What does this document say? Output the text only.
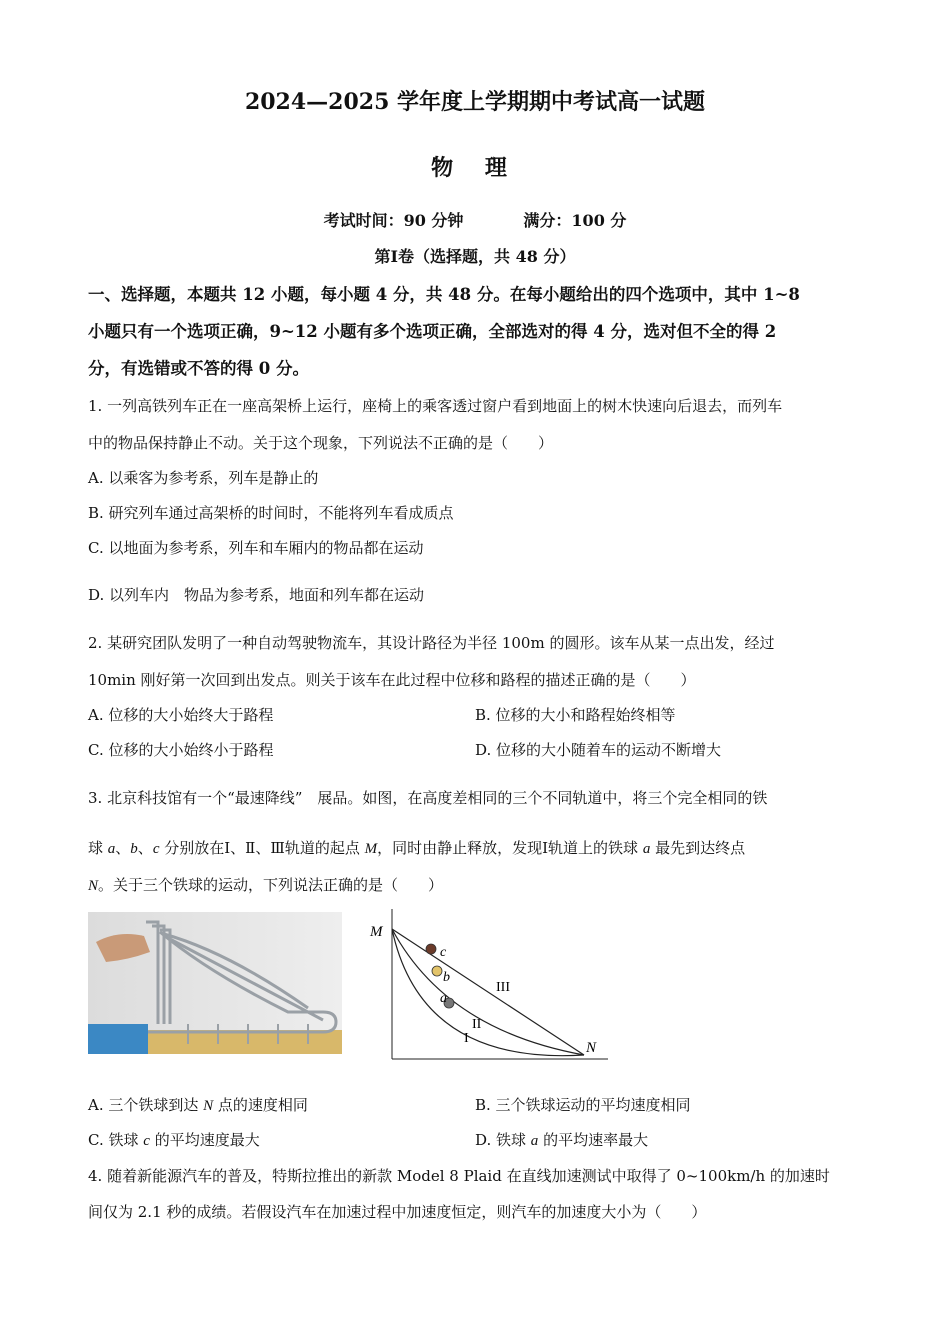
2024—2025 学年度上学期期中考试高一试题
物 理
考试时间：90 分钟	满分：100 分
第Ⅰ卷（选择题，共 48 分）
一、选择题，本题共 12 小题，每小题 4 分，共 48 分。在每小题给出的四个选项中，其中 1~8
小题只有一个选项正确，9~12 小题有多个选项正确，全部选对的得 4 分，选对但不全的得 2
分，有选错或不答的得 0 分。
1. 一列高铁列车正在一座高架桥上运行，座椅上的乘客透过窗户看到地面上的树木快速向后退去，而列车
中的物品保持静止不动。关于这个现象，下列说法不正确的是（　　）
A. 以乘客为参考系，列车是静止的
B. 研究列车通过高架桥的时间时，不能将列车看成质点
C. 以地面为参考系，列车和车厢内的物品都在运动
D. 以列车内　物品为参考系，地面和列车都在运动
2. 某研究团队发明了一种自动驾驶物流车，其设计路径为半径 100m 的圆形。该车从某一点出发，经过
10min 刚好第一次回到出发点。则关于该车在此过程中位移和路程的描述正确的是（　　）
A. 位移的大小始终大于路程	B. 位移的大小和路程始终相等
C. 位移的大小始终小于路程	D. 位移的大小随着车的运动不断增大
3. 北京科技馆有一个“最速降线”　展品。如图，在高度差相同的三个不同轨道中，将三个完全相同的铁
球 a、b、c 分别放在Ⅰ、Ⅱ、Ⅲ轨道的起点 M，同时由静止释放，发现Ⅰ轨道上的铁球 a 最先到达终点
N。关于三个铁球的运动，下列说法正确的是（　　）
M
N
c
b
a
III
II
I
A. 三个铁球到达 N 点的速度相同	B. 三个铁球运动的平均速度相同
C. 铁球 c 的平均速度最大	D. 铁球 a 的平均速率最大
4. 随着新能源汽车的普及，特斯拉推出的新款 Model 8 Plaid 在直线加速测试中取得了 0~100km/h 的加速时
间仅为 2.1 秒的成绩。若假设汽车在加速过程中加速度恒定，则汽车的加速度大小为（　　）
